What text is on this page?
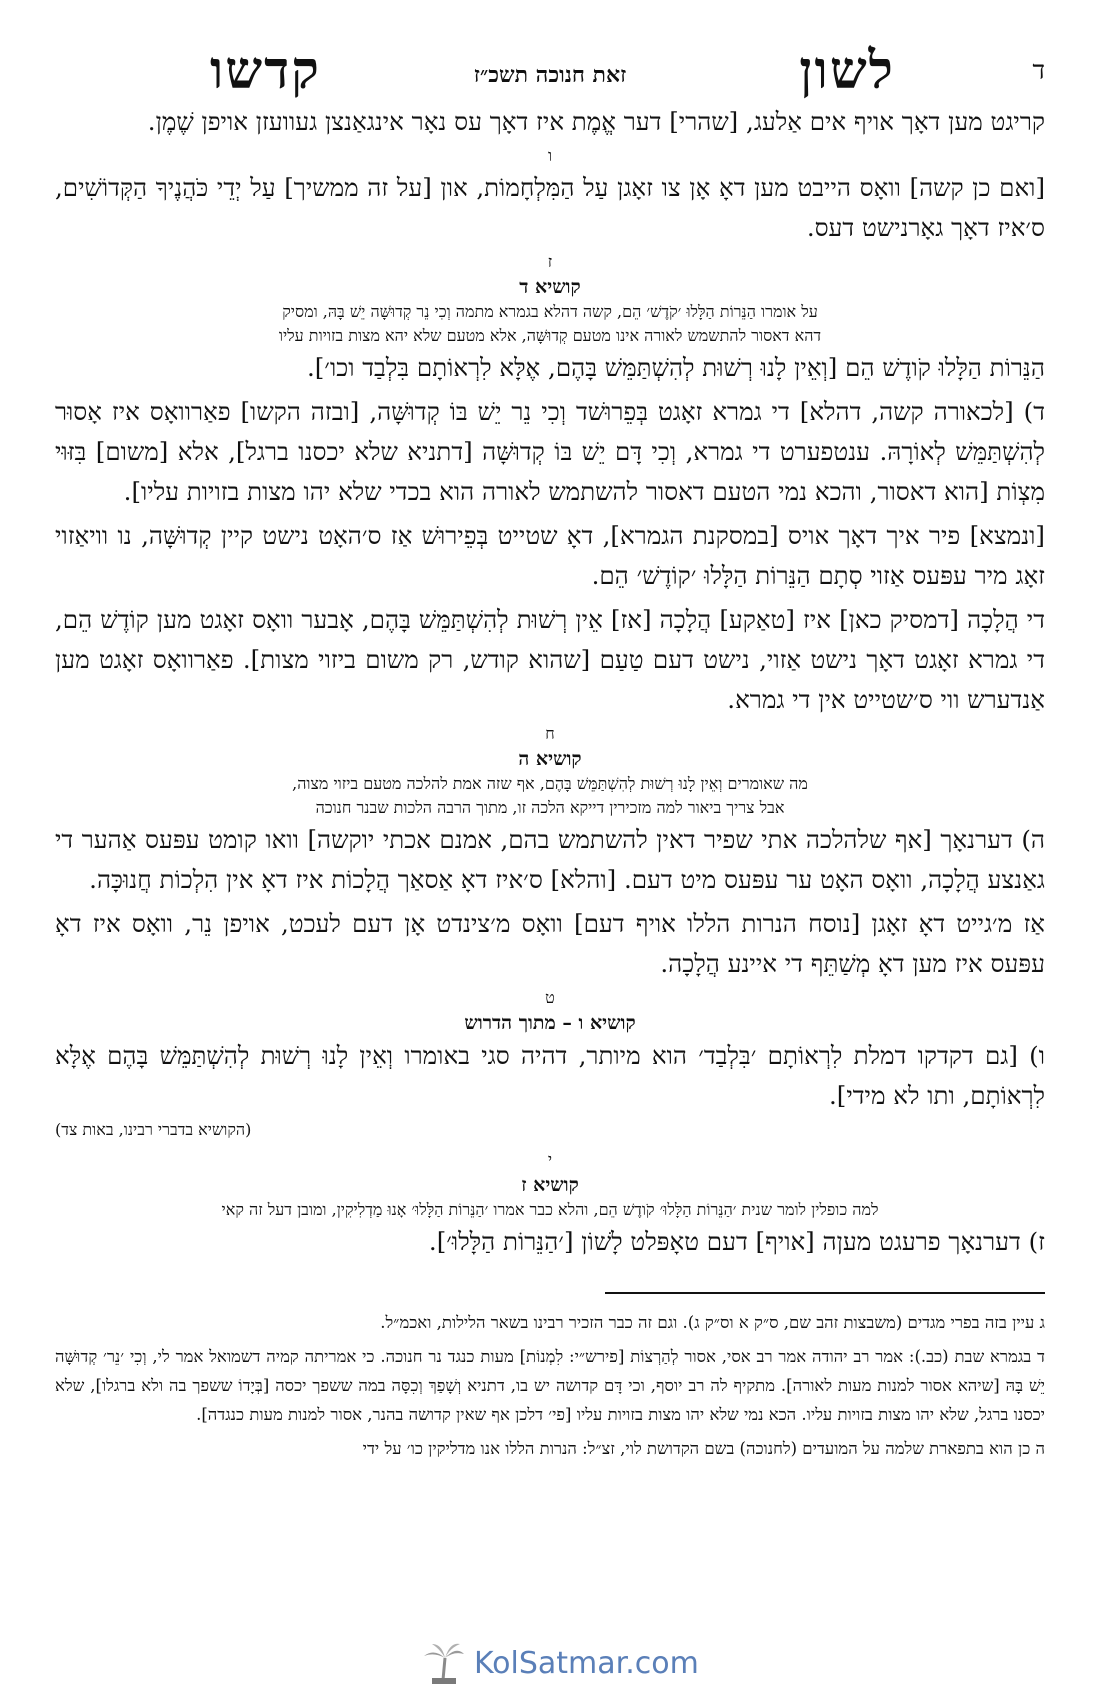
ד
לשון
זאת חנוכה תשכ״ז
קדשו

קריגט מען דאָך אויף אים אַלעג, [שהרי] דער אֱמֶת איז דאָך עס נאָר אינגאַנצן געוועזן אויפן שֶׁמֶן.

ו

[ואם כן קשה] וואָס הייבט מען דאָ אָן צו זאָגן עַל הַמִּלְחָמוֹת, און [על זה ממשיך] עַל יְדֵי כֹּהֲנֶיךָ הַקְּדוֹשִׁים, ס׳איז דאָך גאָרנישט דעס.

ז
קושיא ד
על אומרו הַנֵּרוֹת הַלָּלוּ ׳קֹדֶשׁ׳ הֵם, קשה דהלא בגמרא מתמה וְכִי נֵר קְדוּשָּׁה יֵשׁ בָּהּ, ומסיק
דהא דאסור להתשמש לאורה אינו מטעם קְדוּשָּׁה, אלא מטעם שלא יהא מצות בזויות עליו

הַנֵּרוֹת הַלָּלוּ קֹודֶשׁ הֵם [וְאֵין לָנוּ רְשׁוּת לְהִשְׁתַּמֵּשׁ בָּהֶם, אֶלָּא לִרְאוֹתָם בִּלְבַד וכו׳].

ד) [לכאורה קשה, דהלא] די גמרא זאָגט בְּפֵרוּשׁד וְכִי נֵר יֵשׁ בּוֹ קְדוּשָּׁה, [ובזה הקשו] פאַרוואָס איז אָסוּר לְהִשְׁתַּמֵּשׁ לְאוֹרָהּ. ענטפערט די גמרא, וְכִי דָּם יֵשׁ בּוֹ קְדוּשָּׁה [דתניא שלא יכסנו ברגל], אלא [משום] בִּזּוּי מִצְוֹת [הוא דאסור, והכא נמי הטעם דאסור להשתמש לאורה הוא בכדי שלא יהו מצות בזויות עליו].

[ונמצא] פיר איך דאָך אויס [במסקנת הגמרא], דאָ שטייט בְּפֵירוּשׁ אַז ס׳האָט נישט קיין קְדוּשָּׁה, נו וויאַזוי זאָג מיר עפּעס אַזוי סְתָם הַנֵּרוֹת הַלָּלוּ ׳קוֹדֶשׁ׳ הֵם.

די הֲלָכָה [דמסיק כאן] איז [טאַקע] הֲלָכָה [אז] אֵין רְשׁוּת לְהִשְׁתַּמֵּשׁ בָּהֶם, אָבער וואָס זאָגט מען קוֹדֶשׁ הֵם, די גמרא זאָגט דאָך נישט אַזוי, נישט דעם טַעַם [שהוא קודש, רק משום ביזוי מצות]. פאַרוואָס זאָגט מען אַנדערש ווי ס׳שטייט אין די גמרא.

ח
קושיא ה
מה שאומרים וְאֵין לָנוּ רְשׁוּת לְהִשְׁתַּמֵּשׁ בָּהֶם, אף שזה אמת להלכה מטעם ביזוי מצוה,
אבל צריך ביאור למה מזכירין דייקא הלכה זו, מתוך הרבה הלכות שבנר חנוכה

ה) דערנאָך [אף שלהלכה אתי שפיר דאין להשתמש בהם, אמנם אכתי יוקשה] וואו קומט עפּעס אַהער די גאַנצע הֲלָכָה, וואָס האָט ער עפּעס מיט דעם. [והלא] ס׳איז דאָ אַסאַך הֲלָכוֹת איז דאָ אין הִלְכוֹת חֲנוּכָּה.

אַז מ׳גייט דאָ זאָגן [נוסח הנרות הללו אויף דעם] וואָס מ׳צינדט אָן דעם לעכט, אויפן נֵר, וואָס איז דאָ עפּעס איז מען דאָ מְשַׁתֵּף די איינע הֲלָכָה.

ט
קושיא ו – מתוך הדרוש

ו) [גם דקדקו דמלת לִרְאוֹתָם ׳בִּלְבַד׳ הוא מיותר, דהיה סגי באומרו וְאֵין לָנוּ רְשׁוּת לְהִשְׁתַּמֵּשׁ בָּהֶם אֶלָּא לִרְאוֹתָם, ותו לא מידי].

(הקושיא בדברי רבינו, באות צד)
י
קושיא ז
למה כופלין לומר שנית ׳הַנֵּרוֹת הַלָּלוּ׳ קֹודֶשׁ הֵם, והלא כבר אמרו ׳הַנֵּרוֹת הַלָּלוּ׳ אָנוּ מַדְלִיקִין, ומובן דעל זה קאי

ז) דערנאָך פרעגט מעןה [אויף] דעם טאָפּלט לָשׁוֹן [׳הַנֵּרוֹת הַלָּלוּ׳].

ג עיין בזה בפרי מגדים (משבצות זהב שם, ס״ק א וס״ק ג). וגם זה כבר הזכיר רבינו בשאר הלילות, ואכמ״ל.

ד בגמרא שבת (כב.): אמר רב יהודה אמר רב אסי, אסור לְהַרְצוֹת [פירש״י: לִמְנוֹת] מעות כנגד נר חנוכה. כי אמריתה קמיה דשמואל אמר לי, וְכִי ׳נֵר׳ קְדוּשָּׁה יֵשׁ בָּהּ [שיהא אסור למנות מעות לאורה]. מתקיף לה רב יוסף, וכי דָּם קדושה יש בו, דתניא וְשָׁפַךְ וְכִסָּה במה ששפך יכסה [בְּיָדוֹ ששפך בה ולא ברגלו], שלא יכסנו ברגל, שלא יהו מצות בזויות עליו. הכא נמי שלא יהו מצות בזויות עליו [פי׳ דלכן אף שאין קדושה בהנר, אסור למנות מעות כנגדה].

ה כן הוא בתפארת שלמה על המועדים (לחנוכה) בשם הקדושת לוי, זצ״ל: הנרות הללו אנו מדליקין כו׳ על ידי

KolSatmar.com
